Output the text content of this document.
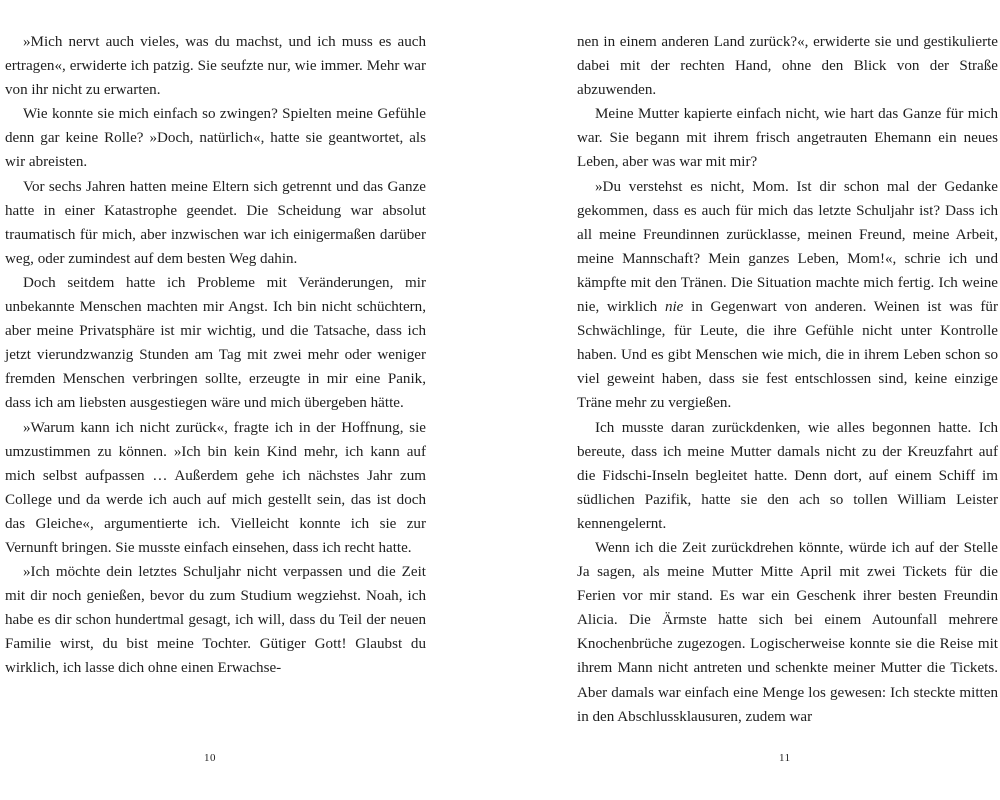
»Mich nervt auch vieles, was du machst, und ich muss es auch ertragen«, erwiderte ich patzig. Sie seufzte nur, wie immer. Mehr war von ihr nicht zu erwarten.

Wie konnte sie mich einfach so zwingen? Spielten meine Gefühle denn gar keine Rolle? »Doch, natürlich«, hatte sie geantwortet, als wir abreisten.

Vor sechs Jahren hatten meine Eltern sich getrennt und das Ganze hatte in einer Katastrophe geendet. Die Scheidung war absolut traumatisch für mich, aber inzwischen war ich einigermaßen darüber weg, oder zumindest auf dem besten Weg dahin.

Doch seitdem hatte ich Probleme mit Veränderungen, mir unbekannte Menschen machten mir Angst. Ich bin nicht schüchtern, aber meine Privatsphäre ist mir wichtig, und die Tatsache, dass ich jetzt vierundzwanzig Stunden am Tag mit zwei mehr oder weniger fremden Menschen verbringen sollte, erzeugte in mir eine Panik, dass ich am liebsten ausgestiegen wäre und mich übergeben hätte.

»Warum kann ich nicht zurück«, fragte ich in der Hoffnung, sie umzustimmen zu können. »Ich bin kein Kind mehr, ich kann auf mich selbst aufpassen … Außerdem gehe ich nächstes Jahr zum College und da werde ich auch auf mich gestellt sein, das ist doch das Gleiche«, argumentierte ich. Vielleicht konnte ich sie zur Vernunft bringen. Sie musste einfach einsehen, dass ich recht hatte.

»Ich möchte dein letztes Schuljahr nicht verpassen und die Zeit mit dir noch genießen, bevor du zum Studium wegziehst. Noah, ich habe es dir schon hundertmal gesagt, ich will, dass du Teil der neuen Familie wirst, du bist meine Tochter. Gütiger Gott! Glaubst du wirklich, ich lasse dich ohne einen Erwachse-

nen in einem anderen Land zurück?«, erwiderte sie und gestikulierte dabei mit der rechten Hand, ohne den Blick von der Straße abzuwenden.

Meine Mutter kapierte einfach nicht, wie hart das Ganze für mich war. Sie begann mit ihrem frisch angetrauten Ehemann ein neues Leben, aber was war mit mir?

»Du verstehst es nicht, Mom. Ist dir schon mal der Gedanke gekommen, dass es auch für mich das letzte Schuljahr ist? Dass ich all meine Freundinnen zurücklasse, meinen Freund, meine Arbeit, meine Mannschaft? Mein ganzes Leben, Mom!«, schrie ich und kämpfte mit den Tränen. Die Situation machte mich fertig. Ich weine nie, wirklich nie in Gegenwart von anderen. Weinen ist was für Schwächlinge, für Leute, die ihre Gefühle nicht unter Kontrolle haben. Und es gibt Menschen wie mich, die in ihrem Leben schon so viel geweint haben, dass sie fest entschlossen sind, keine einzige Träne mehr zu vergießen.

Ich musste daran zurückdenken, wie alles begonnen hatte. Ich bereute, dass ich meine Mutter damals nicht zu der Kreuzfahrt auf die Fidschi-Inseln begleitet hatte. Denn dort, auf einem Schiff im südlichen Pazifik, hatte sie den ach so tollen William Leister kennengelernt.

Wenn ich die Zeit zurückdrehen könnte, würde ich auf der Stelle Ja sagen, als meine Mutter Mitte April mit zwei Tickets für die Ferien vor mir stand. Es war ein Geschenk ihrer besten Freundin Alicia. Die Ärmste hatte sich bei einem Autounfall mehrere Knochenbrüche zugezogen. Logischerweise konnte sie die Reise mit ihrem Mann nicht antreten und schenkte meiner Mutter die Tickets. Aber damals war einfach eine Menge los gewesen: Ich steckte mitten in den Abschlussklausuren, zudem war

10	11
